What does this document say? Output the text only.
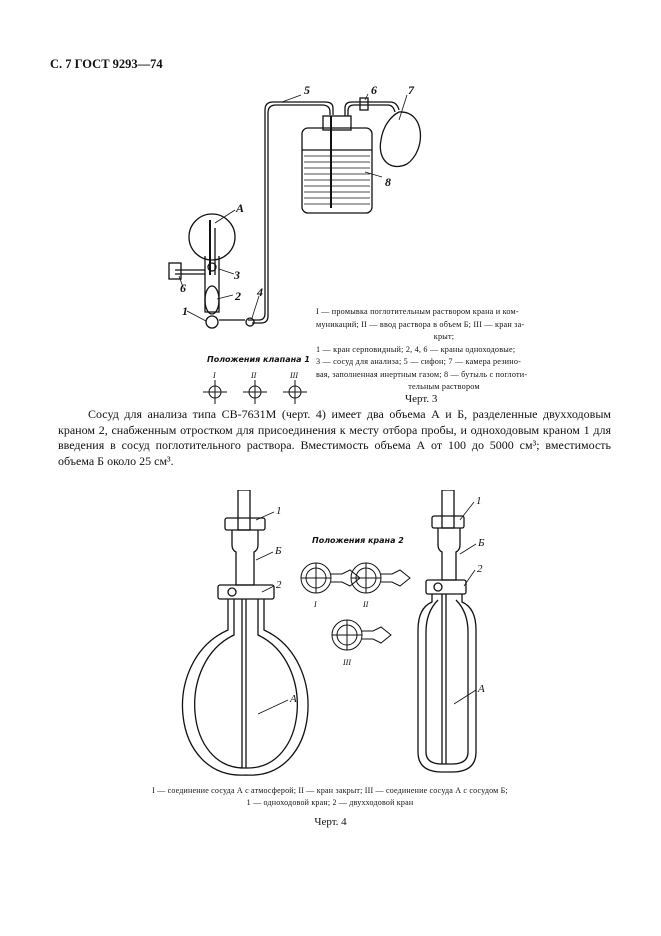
С. 7 ГОСТ 9293—74
5	6	7
8
А
3
2
6
1
4
Положения клапана 1
I	II	III
I — промывка поглотительным раствором крана и ком-
муникаций; II — ввод раствора в объем Б; III — кран за-
крыт;
1 — кран серповидный; 2, 4, 6 — краны одноходовые;
3 — сосуд для анализа; 5 — сифон; 7 — камера резино-
вая, заполненная инертным газом; 8 — бутыль с поглоти-
тельным раствором
Черт. 3
Сосуд для анализа типа СВ-7631М (черт. 4) имеет два объема А и Б, разделенные двухходовым краном 2, снабженным отростком для присоединения к месту отбора пробы, и одноходовым краном 1 для введения в сосуд поглотительного раствора. Вместимость объема А от 100 до 5000 см³; вместимость объема Б около 25 см³.
Положения крана 2
I	II
III
1
Б
2
А
1
Б
2
А
I — соединение сосуда А с атмосферой; II — кран закрыт; III — соединение сосуда А с сосудом Б;
1 — одноходовой кран; 2 — двухходовой кран
Черт. 4
